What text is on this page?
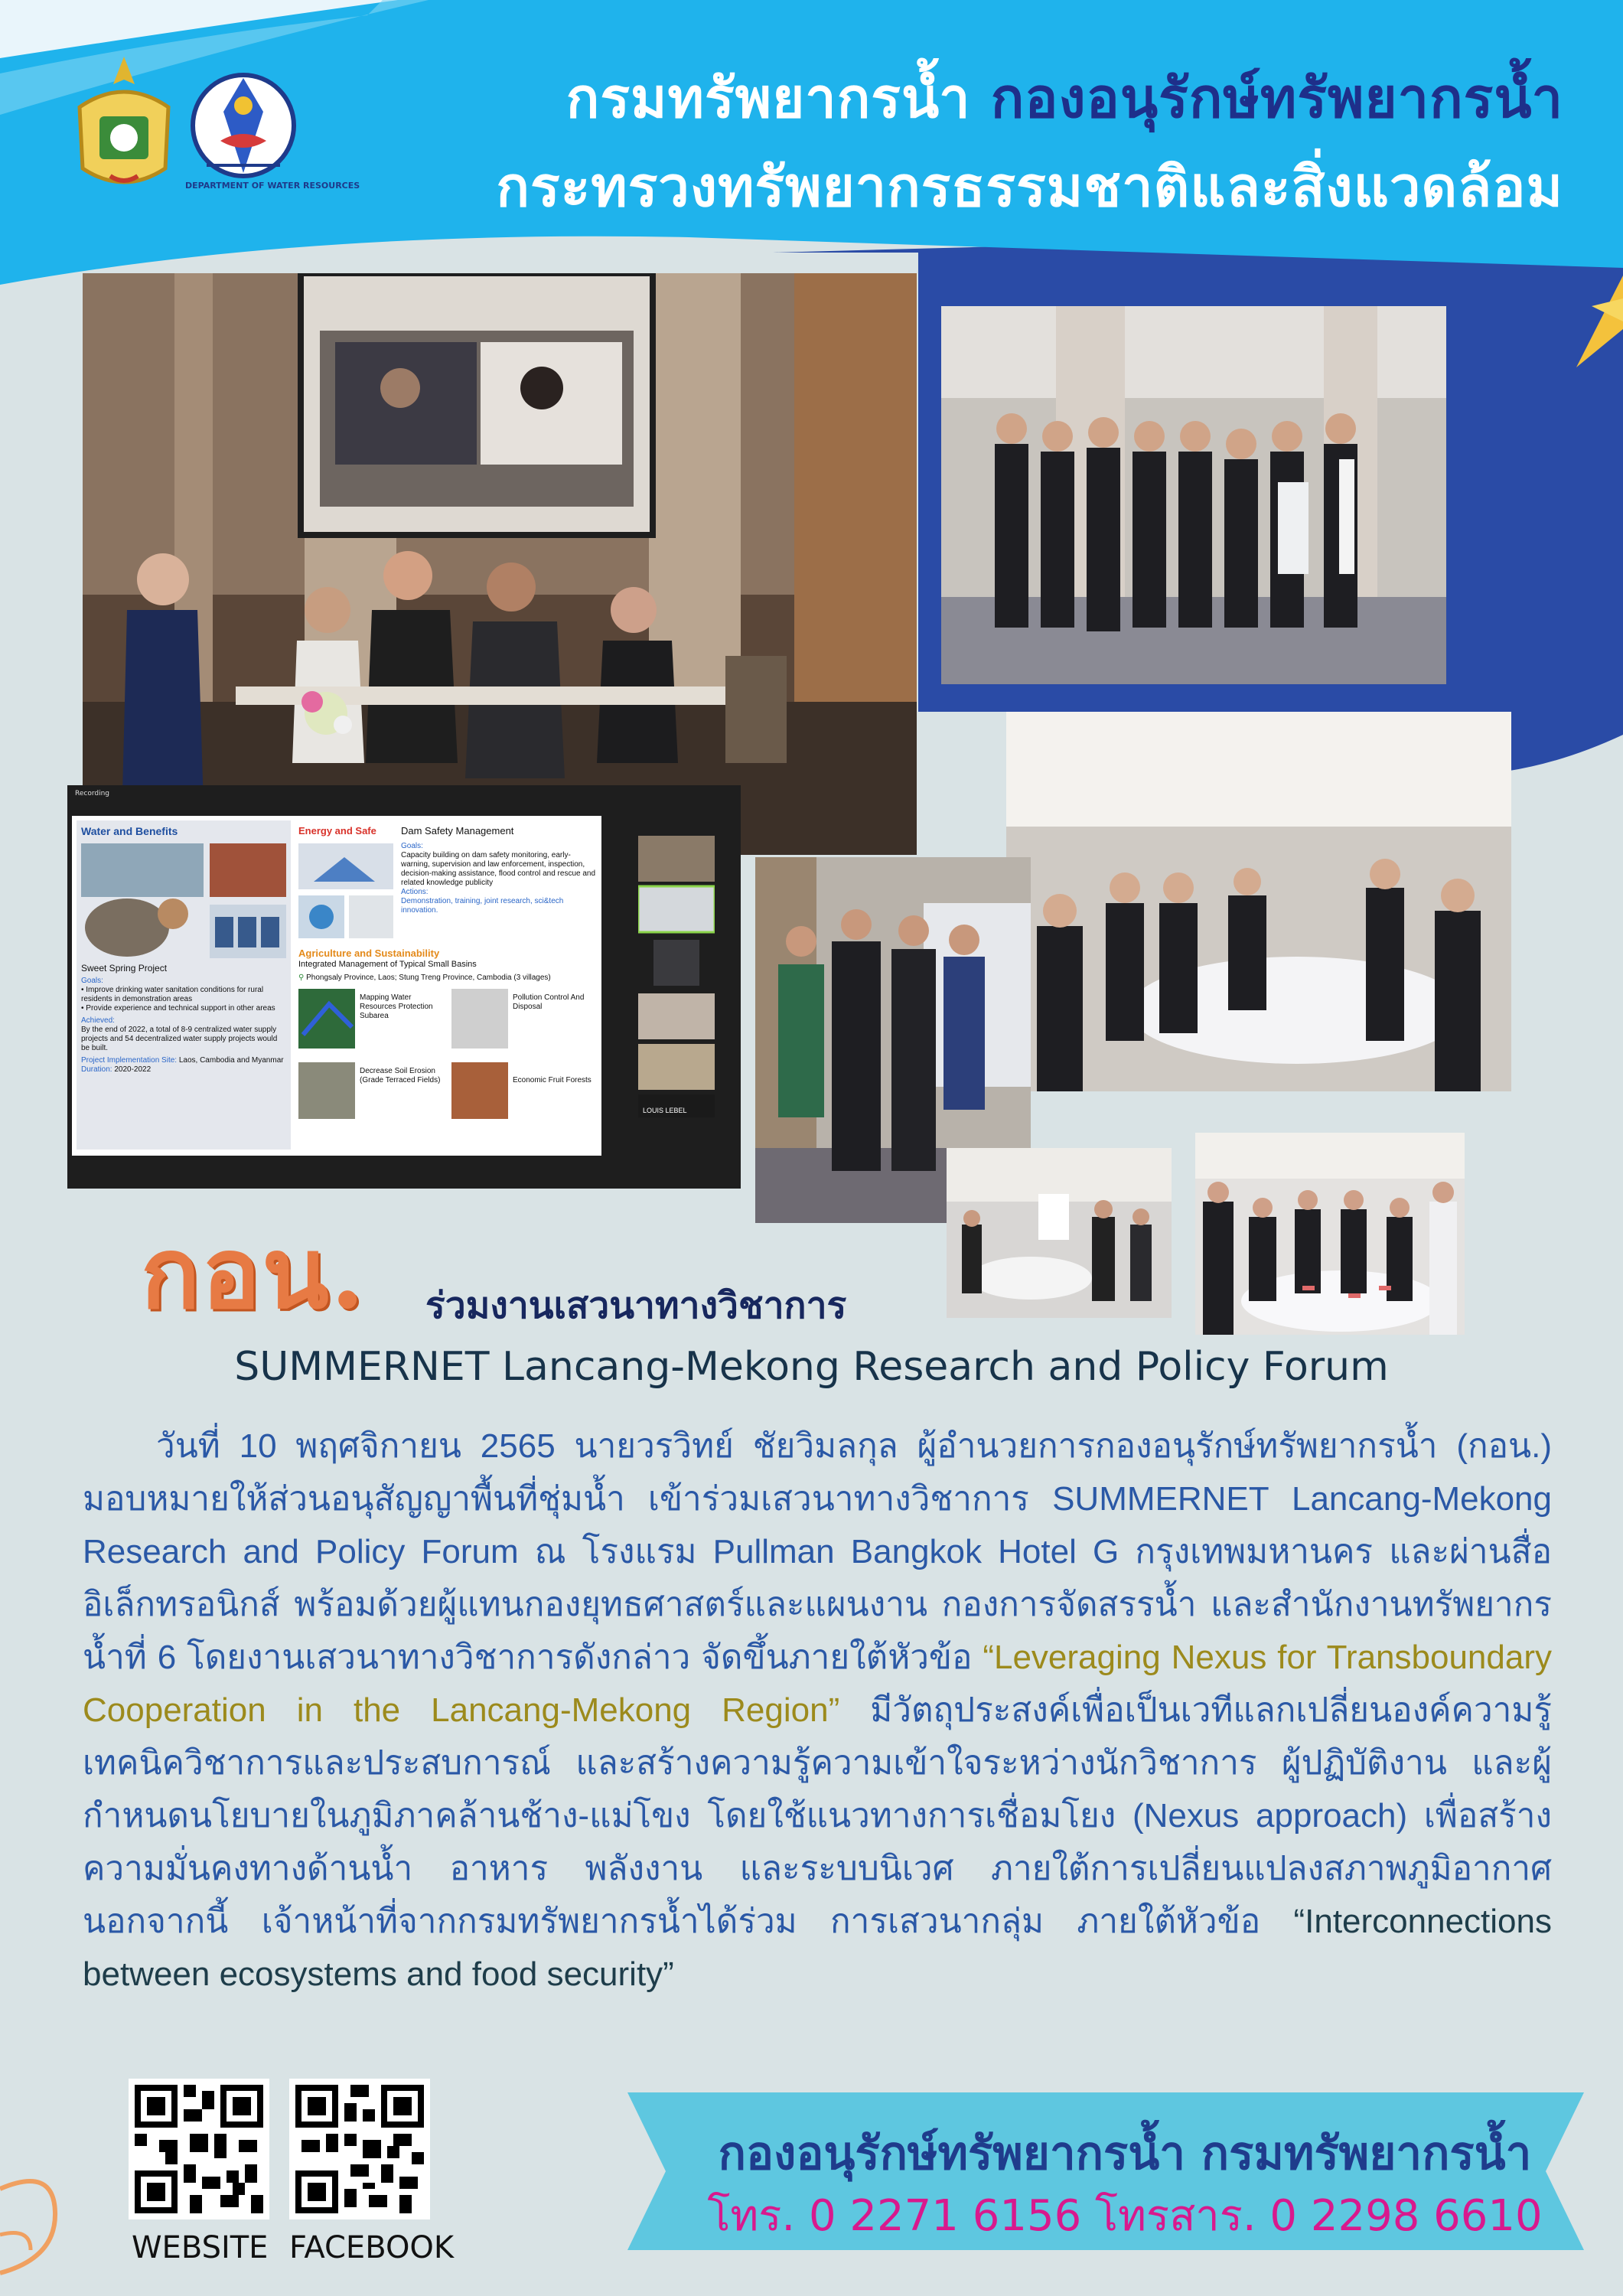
DEPARTMENT OF WATER RESOURCES
กรมทรัพยากรน้ำ กองอนุรักษ์ทรัพยากรน้ำ
กระทรวงทรัพยากรธรรมชาติและสิ่งแวดล้อม
Recording
Water and Benefits
Sweet Spring Project
Goals:
• Improve drinking water sanitation conditions for rural residents in demonstration areas
• Provide experience and technical support in other areas
Achieved:
By the end of 2022, a total of 8-9 centralized water supply projects and 54 decentralized water supply projects would be built.
Project Implementation Site: Laos, Cambodia and Myanmar
Duration: 2020-2022
Energy and Safe Dam Safety Management
Goals:
Capacity building on dam safety monitoring, early-warning, supervision and law enforcement, inspection, decision-making assistance, flood control and rescue and related knowledge publicity
Actions:
Demonstration, training, joint research, sci&tech innovation.
Agriculture and Sustainability
Integrated Management of Typical Small Basins
⚲ Phongsaly Province, Laos; Stung Treng Province, Cambodia (3 villages)
Mapping Water Resources Protection Subarea
Pollution Control And Disposal
Decrease Soil Erosion (Grade Terraced Fields)	Economic Fruit Forests
LOUIS LEBEL
กอน. ร่วมงานเสวนาทางวิชาการ
SUMMERNET Lancang-Mekong Research and Policy Forum
วันที่ 10 พฤศจิกายน 2565 นายวรวิทย์ ชัยวิมลกุล ผู้อำนวยการกองอนุรักษ์ทรัพยากรน้ำ (กอน.) มอบหมายให้ส่วนอนุสัญญาพื้นที่ชุ่มน้ำ เข้าร่วมเสวนาทางวิชาการ SUMMERNET Lancang-Mekong Research and Policy Forum ณ โรงแรม Pullman Bangkok Hotel G กรุงเทพมหานคร และผ่านสื่ออิเล็กทรอนิกส์ พร้อมด้วยผู้แทนกองยุทธศาสตร์และแผนงาน กองการจัดสรรน้ำ และสำนักงานทรัพยากรน้ำที่ 6 โดยงานเสวนาทางวิชาการดังกล่าว จัดขึ้นภายใต้หัวข้อ “Leveraging Nexus for Transboundary Cooperation in the Lancang-Mekong Region” มีวัตถุประสงค์เพื่อเป็นเวทีแลกเปลี่ยนองค์ความรู้ เทคนิควิชาการและประสบการณ์ และสร้างความรู้ความเข้าใจระหว่างนักวิชาการ ผู้ปฏิบัติงาน และผู้กำหนดนโยบายในภูมิภาคล้านช้าง-แม่โขง โดยใช้แนวทางการเชื่อมโยง (Nexus approach) เพื่อสร้างความมั่นคงทางด้านน้ำ อาหาร พลังงาน และระบบนิเวศ ภายใต้การเปลี่ยนแปลงสภาพภูมิอากาศ นอกจากนี้ เจ้าหน้าที่จากกรมทรัพยากรน้ำได้ร่วม การเสวนากลุ่ม ภายใต้หัวข้อ “Interconnections between ecosystems and food security”
WEBSITE FACEBOOK
กองอนุรักษ์ทรัพยากรน้ำ กรมทรัพยากรน้ำ
โทร. 0 2271 6156 โทรสาร. 0 2298 6610
